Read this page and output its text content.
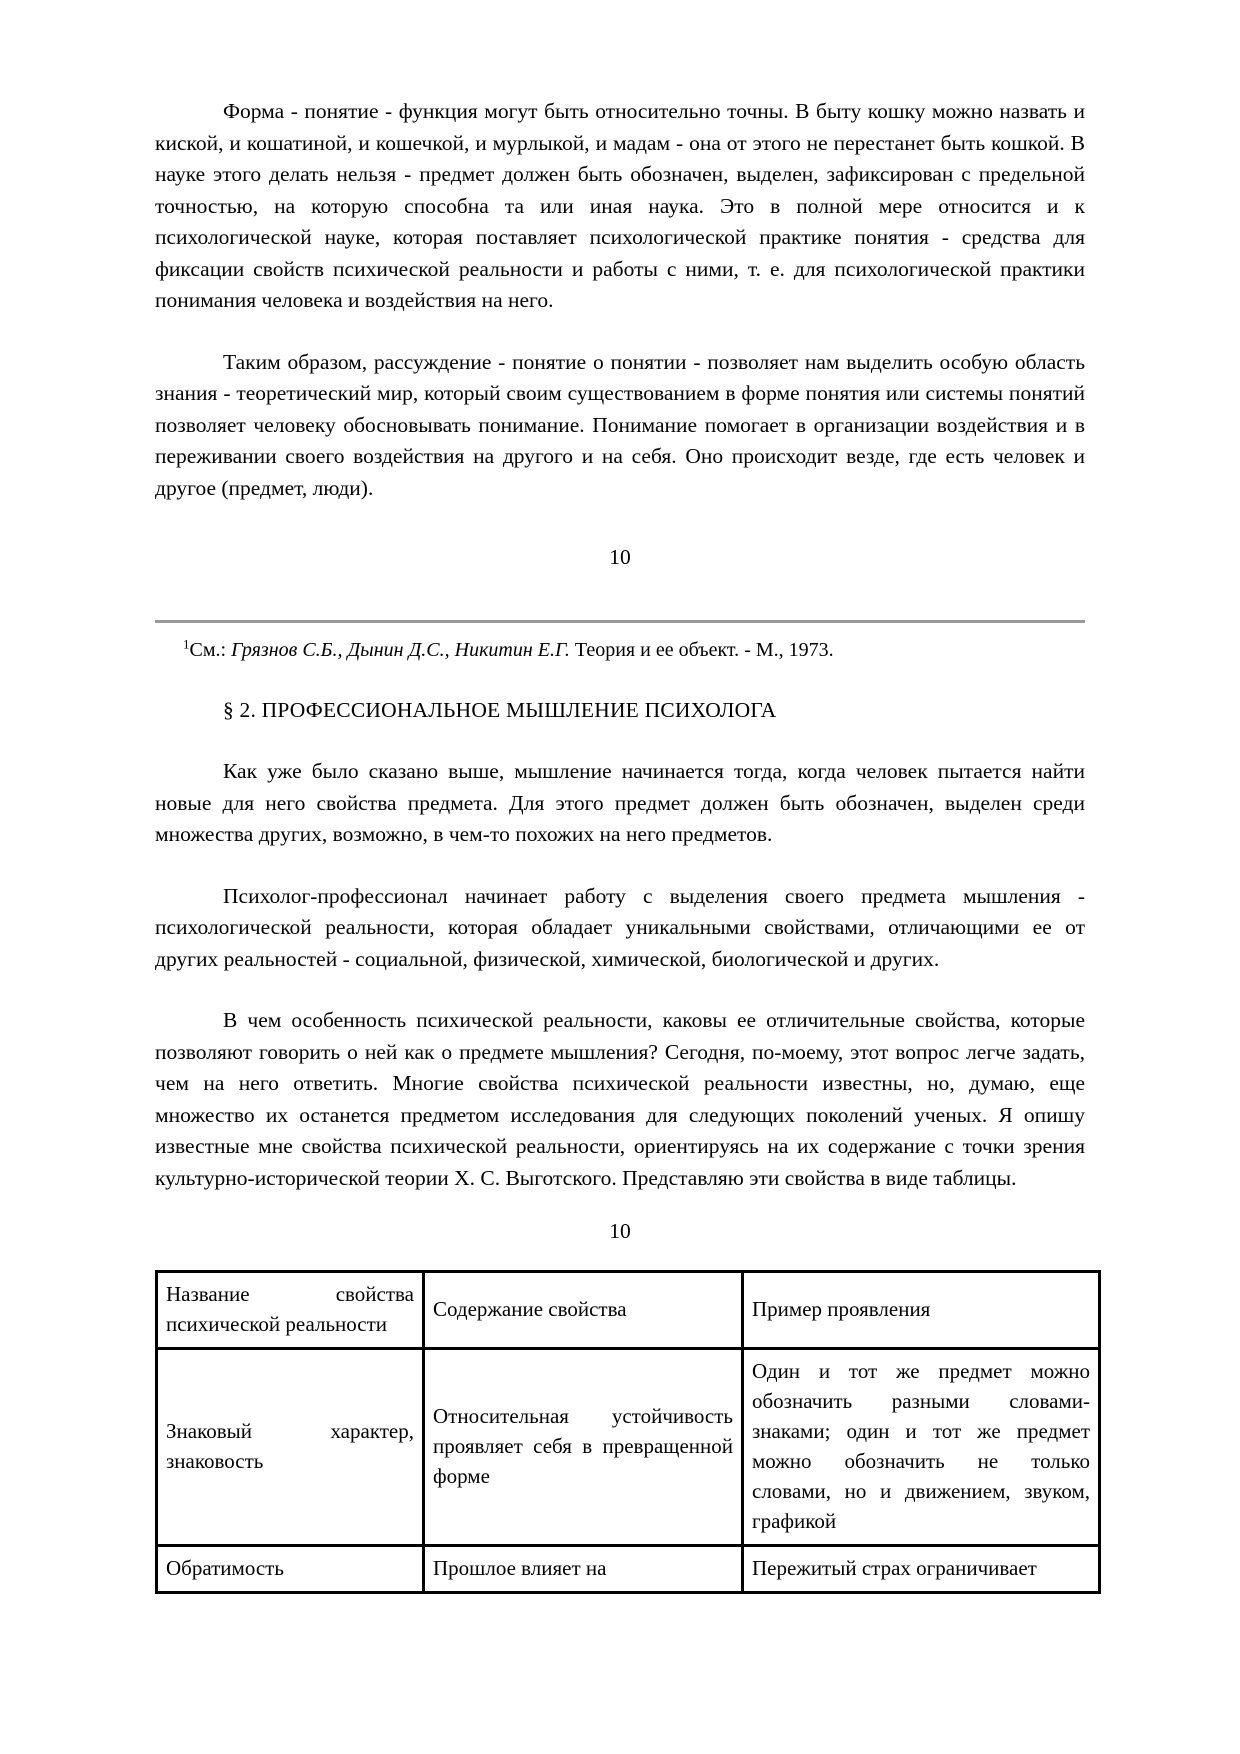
Форма - понятие - функция могут быть относительно точны. В быту кошку можно назвать и киской, и кошатиной, и кошечкой, и мурлыкой, и мадам - она от этого не перестанет быть кошкой. В науке этого делать нельзя - предмет должен быть обозначен, выделен, зафиксирован с предельной точностью, на которую способна та или иная наука. Это в полной мере относится и к психологической науке, которая поставляет психологической практике понятия - средства для фиксации свойств психической реальности и работы с ними, т. е. для психологической практики понимания человека и воздействия на него.

Таким образом, рассуждение - понятие о понятии - позволяет нам выделить особую область знания - теоретический мир, который своим существованием в форме понятия или системы понятий позволяет человеку обосновывать понимание. Понимание помогает в организации воздействия и в переживании своего воздействия на другого и на себя. Оно происходит везде, где есть человек и другое (предмет, люди).

10

$^1$См.: Грязнов С.Б., Дынин Д.С., Никитин Е.Г. Теория и ее объект. - М., 1973.

§ 2. ПРОФЕССИОНАЛЬНОЕ МЫШЛЕНИЕ ПСИХОЛОГА

Как уже было сказано выше, мышление начинается тогда, когда человек пытается найти новые для него свойства предмета. Для этого предмет должен быть обозначен, выделен среди множества других, возможно, в чем-то похожих на него предметов.

Психолог-профессионал начинает работу с выделения своего предмета мышления - психологической реальности, которая обладает уникальными свойствами, отличающими ее от других реальностей - социальной, физической, химической, биологической и других.

В чем особенность психической реальности, каковы ее отличительные свойства, которые позволяют говорить о ней как о предмете мышления? Сегодня, по-моему, этот вопрос легче задать, чем на него ответить. Многие свойства психической реальности известны, но, думаю, еще множество их останется предметом исследования для следующих поколений ученых. Я опишу известные мне свойства психической реальности, ориентируясь на их содержание с точки зрения культурно-исторической теории Х. С. Выготского. Представляю эти свойства в виде таблицы.

10

Название свойства психической реальности	Содержание свойства	Пример проявления

Знаковый характер, знаковость	Относительная устойчивость проявляет себя в превращенной форме	Один и тот же предмет можно обозначить разными словами-знаками; один и тот же предмет можно обозначить не только словами, но и движением, звуком, графикой

Обратимость	Прошлое влияет на	Пережитый страх ограничивает
